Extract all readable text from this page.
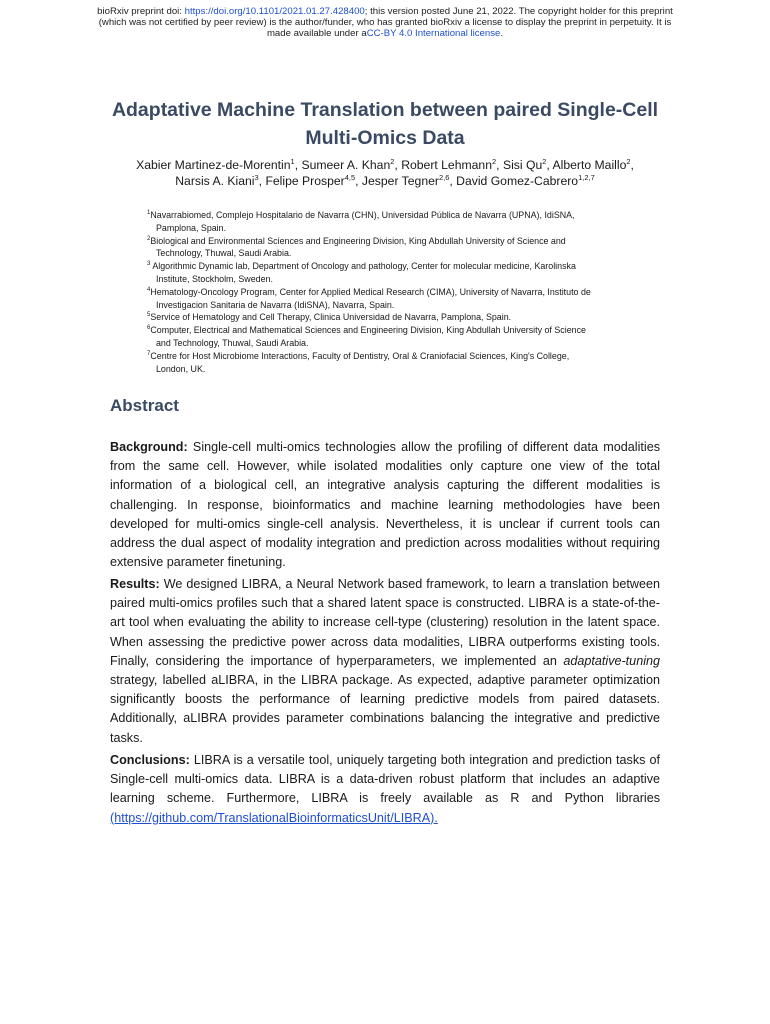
bioRxiv preprint doi: https://doi.org/10.1101/2021.01.27.428400; this version posted June 21, 2022. The copyright holder for this preprint
(which was not certified by peer review) is the author/funder, who has granted bioRxiv a license to display the preprint in perpetuity. It is
made available under aCC-BY 4.0 International license.
Adaptative Machine Translation between paired Single-Cell Multi-Omics Data
Xabier Martinez-de-Morentin$^1$, Sumeer A. Khan$^2$, Robert Lehmann$^2$, Sisi Qu$^2$, Alberto Maillo$^2$,
Narsis A. Kiani$^3$, Felipe Prosper$^{4,5}$, Jesper Tegner$^{2,6}$, David Gomez-Cabrero$^{1,2,7}$
$^1$Navarrabiomed, Complejo Hospitalario de Navarra (CHN), Universidad Pública de Navarra (UPNA), IdiSNA,
Pamplona, Spain.
$^2$Biological and Environmental Sciences and Engineering Division, King Abdullah University of Science and
Technology, Thuwal, Saudi Arabia.
$^3$ Algorithmic Dynamic lab, Department of Oncology and pathology, Center for molecular medicine, Karolinska
Institute, Stockholm, Sweden.
$^4$Hematology-Oncology Program, Center for Applied Medical Research (CIMA), University of Navarra, Instituto de
Investigacion Sanitaria de Navarra (IdiSNA), Navarra, Spain.
$^5$Service of Hematology and Cell Therapy, Clinica Universidad de Navarra, Pamplona, Spain.
$^6$Computer, Electrical and Mathematical Sciences and Engineering Division, King Abdullah University of Science
and Technology, Thuwal, Saudi Arabia.
$^7$Centre for Host Microbiome Interactions, Faculty of Dentistry, Oral & Craniofacial Sciences, King's College,
London, UK.
Abstract

Background: Single-cell multi-omics technologies allow the profiling of different data modalities from the same cell. However, while isolated modalities only capture one view of the total information of a biological cell, an integrative analysis capturing the different modalities is challenging. In response, bioinformatics and machine learning methodologies have been developed for multi-omics single-cell analysis. Nevertheless, it is unclear if current tools can address the dual aspect of modality integration and prediction across modalities without requiring extensive parameter finetuning.

Results: We designed LIBRA, a Neural Network based framework, to learn a translation between paired multi-omics profiles such that a shared latent space is constructed. LIBRA is a state-of-the-art tool when evaluating the ability to increase cell-type (clustering) resolution in the latent space. When assessing the predictive power across data modalities, LIBRA outperforms existing tools. Finally, considering the importance of hyperparameters, we implemented an adaptative-tuning strategy, labelled aLIBRA, in the LIBRA package. As expected, adaptive parameter optimization significantly boosts the performance of learning predictive models from paired datasets. Additionally, aLIBRA provides parameter combinations balancing the integrative and predictive tasks.

Conclusions: LIBRA is a versatile tool, uniquely targeting both integration and prediction tasks of Single-cell multi-omics data. LIBRA is a data-driven robust platform that includes an adaptive learning scheme. Furthermore, LIBRA is freely available as R and Python libraries (https://github.com/TranslationalBioinformaticsUnit/LIBRA).
